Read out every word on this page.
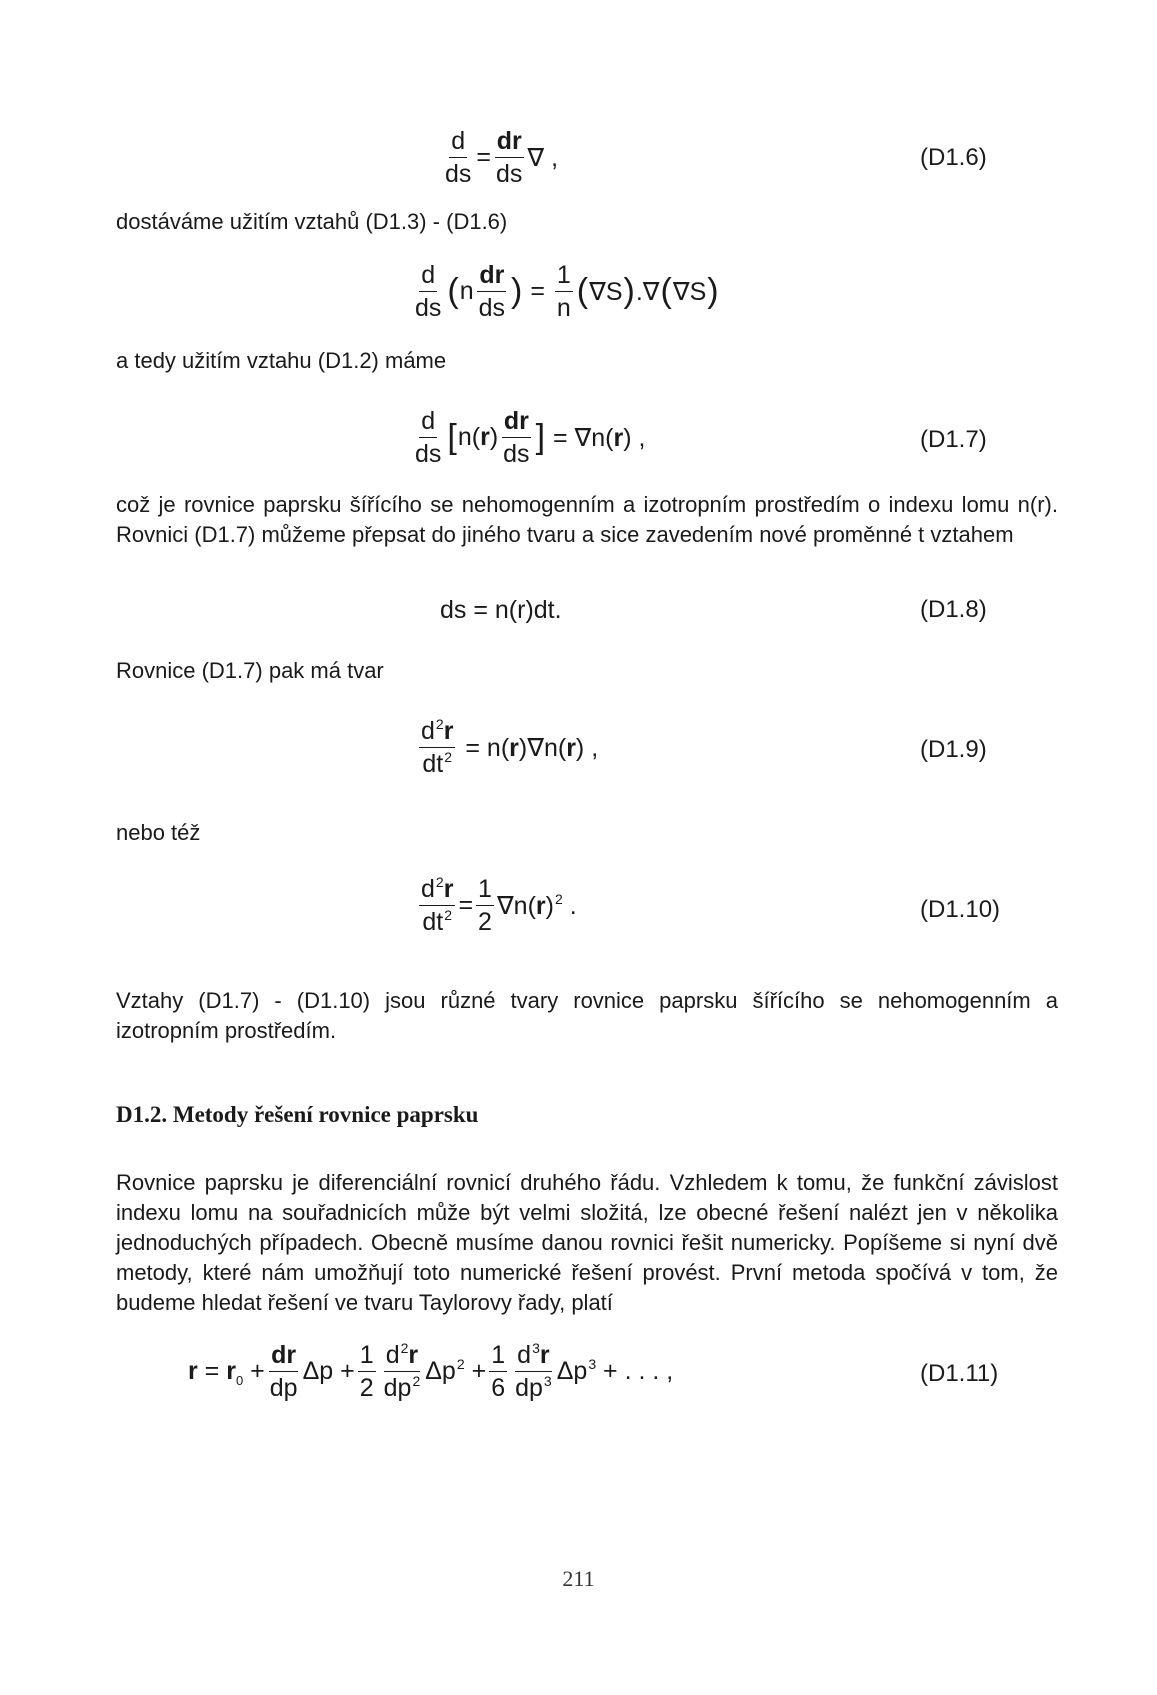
$\frac{d}{ds} = \frac{dr}{ds}$ ∇ ,	(D1.6)
dostáváme užitím vztahů (D1.3) - (D1.6)
$\frac{d}{ds}$ ( n $\frac{dr}{ds}$ ) = $\frac{1}{n}$ ( ∇S ) .∇ ( ∇S )
a tedy užitím vztahu (D1.2) máme
$\frac{d}{ds}$ [ $n(r) \frac{dr}{ds}$ ] = ∇n(r) ,	(D1.7)
což je rovnice paprsku šířícího se nehomogenním a izotropním prostředím o indexu lomu n(r). Rovnici (D1.7) můžeme přepsat do jiného tvaru a sice zavedením nové proměnné t vztahem
ds = n(r)dt.	(D1.8)
Rovnice (D1.7) pak má tvar
$\frac{d^2r}{dt^2} = n(r)\nabla n(r)$ ,	(D1.9)
nebo též
$\frac{d^2r}{dt^2} = \frac{1}{2} \nabla n(r)^2$ .	(D1.10)
Vztahy (D1.7) - (D1.10) jsou různé tvary rovnice paprsku šířícího se nehomogenním a izotropním prostředím.
D1.2. Metody řešení rovnice paprsku
Rovnice paprsku je diferenciální rovnicí druhého řádu. Vzhledem k tomu, že funkční závislost indexu lomu na souřadnicích může být velmi složitá, lze obecné řešení nalézt jen v několika jednoduchých případech. Obecně musíme danou rovnici řešit numericky. Popíšeme si nyní dvě metody, které nám umožňují toto numerické řešení provést. První metoda spočívá v tom, že budeme hledat řešení ve tvaru Taylorovy řady, platí
$r = r_0 + \frac{dr}{dp}$ $\Delta p + \frac{1}{2} \frac{d^2r}{dp^2} \Delta p^2 + \frac{1}{6} \frac{d^3r}{dp^3} \Delta p^3$ + . . . ,	(D1.11)
211
